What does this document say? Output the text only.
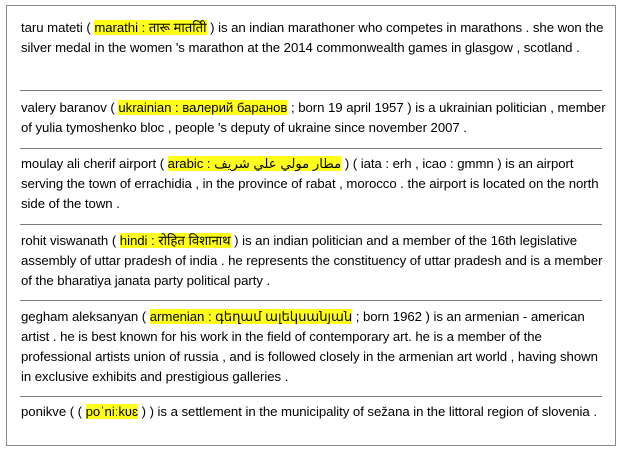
taru mateti ( marathi : तारू माततिी ) is an indian marathoner who competes in marathons . she won the silver medal in the women 's marathon at the 2014 commonwealth games in glasgow , scotland .

valery baranov ( ukrainian : валерий баранов ; born 19 april 1957 ) is a ukrainian politician , member of yulia tymoshenko bloc , people 's deputy of ukraine since november 2007 .

moulay ali cherif airport ( arabic : مطار مولي علي شريف ) ( iata : erh , icao : gmmn ) is an airport serving the town of errachidia , in the province of rabat , morocco . the airport is located on the north side of the town .

rohit viswanath ( hindi : रोहित विशानाथ ) is an indian politician and a member of the 16th legislative assembly of uttar pradesh of india . he represents the constituency of uttar pradesh and is a member of the bharatiya janata party political party .

gegham aleksanyan ( armenian : գեղամ ալեկսանյան ; born 1962 ) is an armenian - american artist . he is best known for his work in the field of contemporary art. he is a member of the professional artists union of russia , and is followed closely in the armenian art world , having shown in exclusive exhibits and prestigious galleries .

ponikve ( ( poˈniːkʋɛ ) ) is a settlement in the municipality of sežana in the littoral region of slovenia .
